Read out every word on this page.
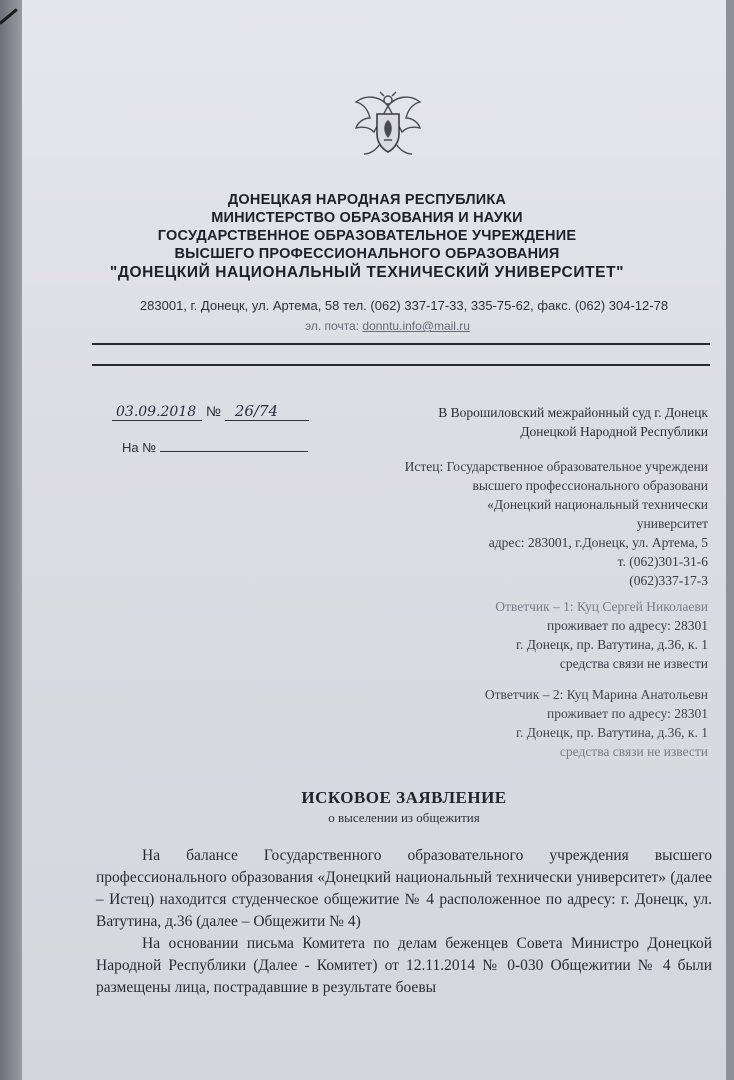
ДОНЕЦКАЯ НАРОДНАЯ РЕСПУБЛИКА
МИНИСТЕРСТВО ОБРАЗОВАНИЯ И НАУКИ
ГОСУДАРСТВЕННОЕ ОБРАЗОВАТЕЛЬНОЕ УЧРЕЖДЕНИЕ
ВЫСШЕГО ПРОФЕССИОНАЛЬНОГО ОБРАЗОВАНИЯ
"ДОНЕЦКИЙ НАЦИОНАЛЬНЫЙ ТЕХНИЧЕСКИЙ УНИВЕРСИТЕТ"
283001, г. Донецк, ул. Артема, 58 тел. (062) 337-17-33, 335-75-62, факс. (062) 304-12-78
эл. почта: donntu.info@mail.ru
03.09.2018 № 26/74
На №
В Ворошиловский межрайонный суд г. Донецк
Донецкой Народной Республики
Истец: Государственное образовательное учреждени
высшего профессионального образовани
«Донецкий национальный технически
университет
адрес: 283001, г.Донецк, ул. Артема, 5
т. (062)301-31-6
(062)337-17-3
Ответчик – 1: Куц Сергей Николаеви
проживает по адресу: 28301
г. Донецк, пр. Ватутина, д.36, к. 1
средства связи не извести
Ответчик – 2: Куц Марина Анатольевн
проживает по адресу: 28301
г. Донецк, пр. Ватутина, д.36, к. 1
средства связи не извести
ИСКОВОЕ ЗАЯВЛЕНИЕ
о выселении из общежития

На балансе Государственного образовательного учреждения высшего профессионального образования «Донецкий национальный технически университет» (далее – Истец) находится студенческое общежитие № 4 расположенное по адресу: г. Донецк, ул. Ватутина, д.36 (далее – Общежити № 4)

На основании письма Комитета по делам беженцев Совета Министро Донецкой Народной Республики (Далее - Комитет) от 12.11.2014 № 0-030 Общежитии № 4 были размещены лица, пострадавшие в результате боевы
